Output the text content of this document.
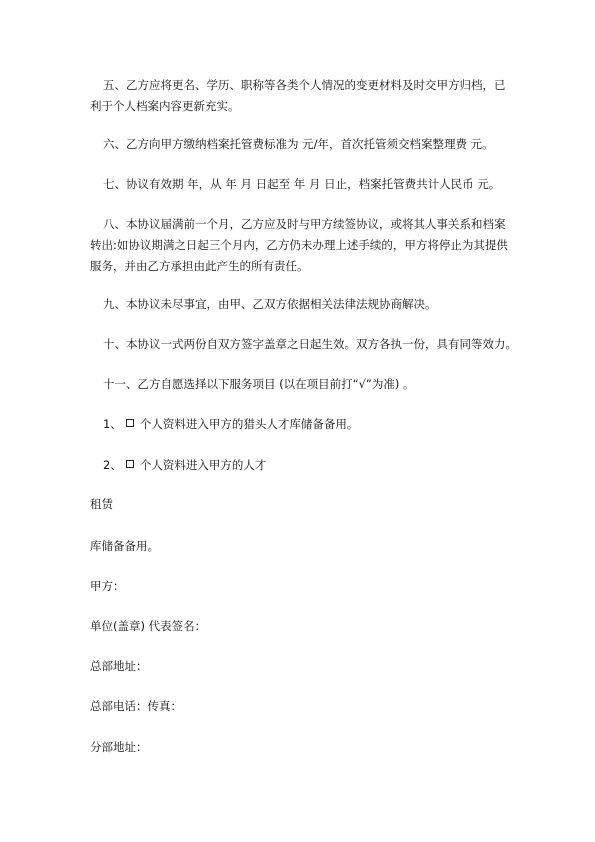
五、乙方应将更名、学历、职称等各类个人情况的变更材料及时交甲方归档，已
利于个人档案内容更新充实。
六、乙方向甲方缴纳档案托管费标准为 元/年，首次托管须交档案整理费 元。
七、协议有效期 年，从 年 月 日起至 年 月 日止，档案托管费共计人民币 元。
八、本协议届满前一个月，乙方应及时与甲方续签协议，或将其人事关系和档案
转出:如协议期满之日起三个月内，乙方仍未办理上述手续的，甲方将停止为其提供
服务，并由乙方承担由此产生的所有责任。
九、本协议未尽事宜，由甲、乙双方依据相关法律法规协商解决。
十、本协议一式两份自双方签字盖章之日起生效。双方各执一份，具有同等效力。
十一、乙方自愿选择以下服务项目 (以在项目前打“√”为准) 。
1、 个人资料进入甲方的猎头人才库储备备用。
2、 个人资料进入甲方的人才
租赁
库储备备用。
甲方：
单位(盖章) 代表签名：
总部地址：
总部电话：传真：
分部地址：
